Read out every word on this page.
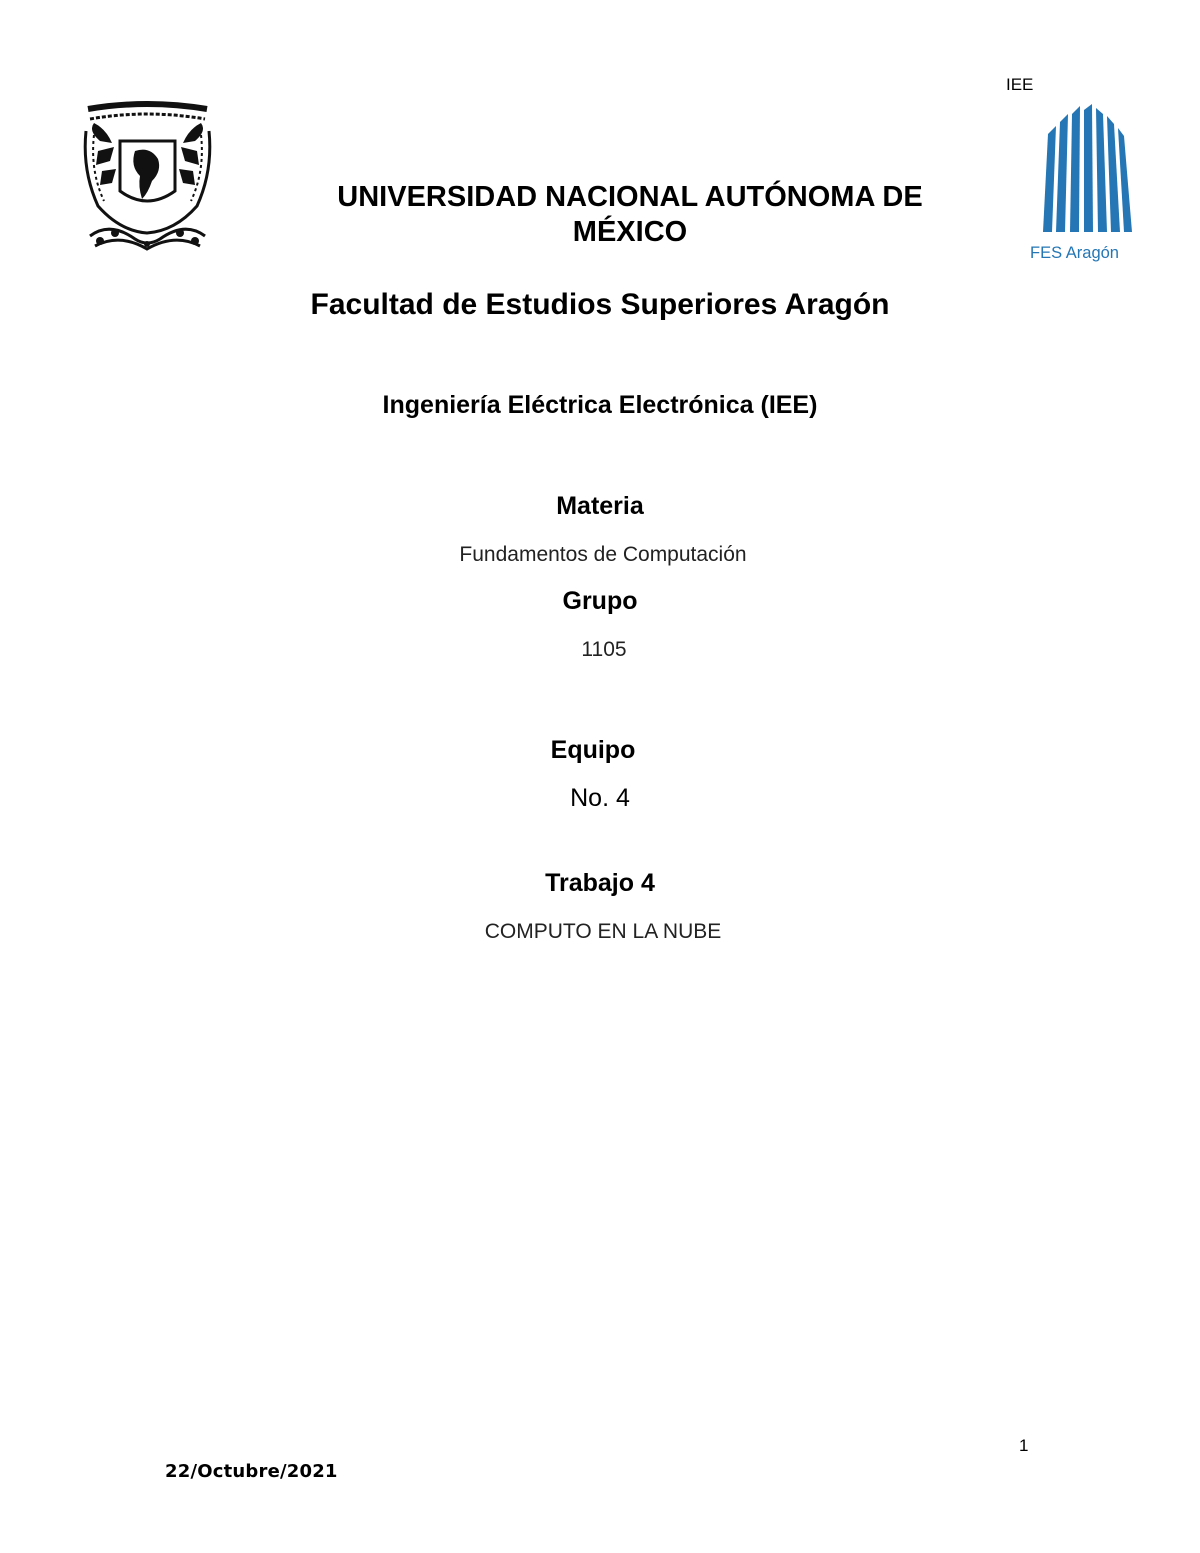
IEE
FES Aragón
UNIVERSIDAD NACIONAL AUTÓNOMA DE MÉXICO
Facultad de Estudios Superiores Aragón
Ingeniería Eléctrica Electrónica (IEE)
Materia
Fundamentos de Computación
Grupo
1105
Equipo
No. 4
Trabajo 4
COMPUTO EN LA NUBE
1
22/Octubre/2021
